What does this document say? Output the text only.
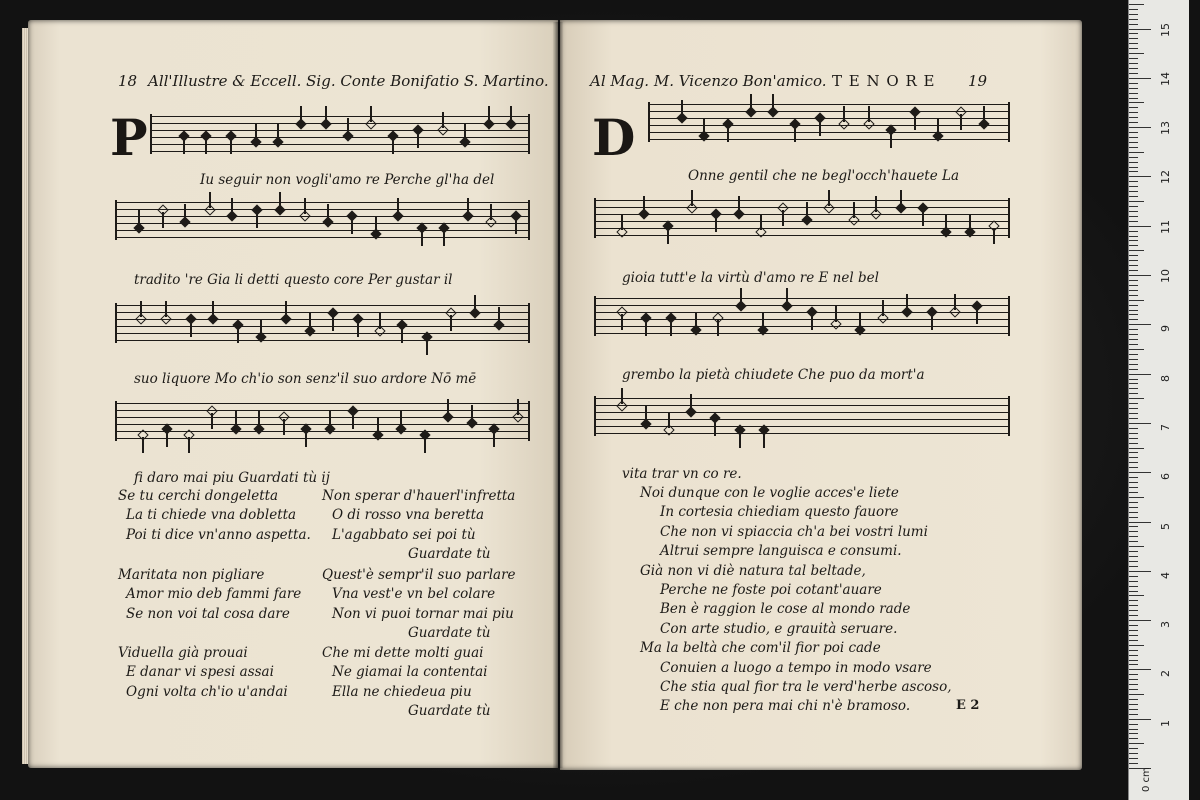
18 All'Illustre & Eccell. Sig. Conte Bonifatio S. Martino.
P
Iu seguir non vogli'amo re Perche gl'ha del
tradito 're Gia li detti questo core Per gustar il
suo liquore Mo ch'io son senz'il suo ardore Nō mē
fi daro mai piu Guardati tù ij
Se tu cerchi dongeletta
La ti chiede vna dobletta
Poi ti dice vn'anno aspetta.
Non sperar d'hauerl'infretta
O di rosso vna beretta
L'agabbato sei poi tù
Guardate tù
Maritata non pigliare
Amor mio deb fammi fare
Se non voi tal cosa dare
Quest'è sempr'il suo parlare
Vna vest'e vn bel colare
Non vi puoi tornar mai piu
Guardate tù
Viduella già prouai
E danar vi spesi assai
Ogni volta ch'io u'andai
Che mi dette molti guai
Ne giamai la contentai
Ella ne chiedeua piu
Guardate tù
Al Mag. M. Vicenzo Bon'amico. T E N O R E 19
D
Onne gentil che ne begl'occh'hauete La
gioia tutt'e la virtù d'amo re E nel bel
grembo la pietà chiudete Che puo da mort'a
vita trar vn co re.
Noi dunque con le voglie acces'e liete
In cortesia chiediam questo fauore
Che non vi spiaccia ch'a bei vostri lumi
Altrui sempre languisca e consumi.
Già non vi diè natura tal beltade,
Perche ne foste poi cotant'auare
Ben è raggion le cose al mondo rade
Con arte studio, e grauità seruare.
Ma la beltà che com'il fior poi cade
Conuien a luogo a tempo in modo vsare
Che stia qual fior tra le verd'herbe ascoso,
E che non pera mai chi n'è bramoso.	E 2
1
2
3
4
5
6
7
8
9
10
11
12
13
14
15
0 cm
